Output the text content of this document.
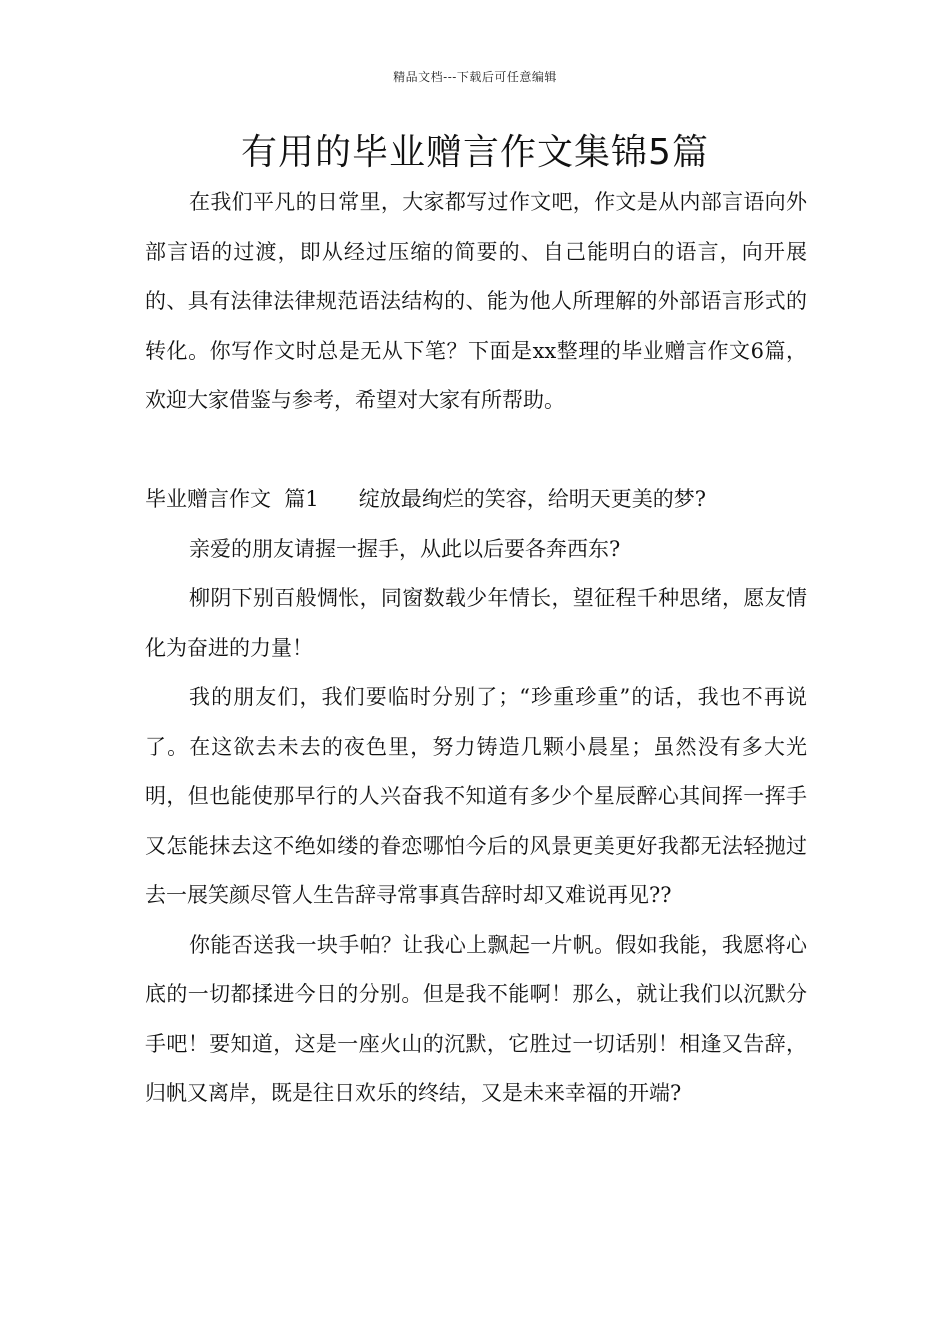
精品文档---下载后可任意编辑
有用的毕业赠言作文集锦5篇

在我们平凡的日常里，大家都写过作文吧，作文是从内部言语向外部言语的过渡，即从经过压缩的简要的、自己能明白的语言，向开展的、具有法律法律规范语法结构的、能为他人所理解的外部语言形式的转化。你写作文时总是无从下笔？下面是xx整理的毕业赠言作文6篇，欢迎大家借鉴与参考，希望对大家有所帮助。

毕业赠言作文  篇1      绽放最绚烂的笑容，给明天更美的梦?

亲爱的朋友请握一握手，从此以后要各奔西东?

柳阴下别百般惆怅，同窗数载少年情长，望征程千种思绪，愿友情化为奋进的力量！

我的朋友们，我们要临时分别了；“珍重珍重”的话，我也不再说了。在这欲去未去的夜色里，努力铸造几颗小晨星；虽然没有多大光明，但也能使那早行的人兴奋我不知道有多少个星辰醉心其间挥一挥手又怎能抹去这不绝如缕的眷恋哪怕今后的风景更美更好我都无法轻抛过去一展笑颜尽管人生告辞寻常事真告辞时却又难说再见??

你能否送我一块手帕？让我心上飘起一片帆。假如我能，我愿将心底的一切都揉进今日的分别。但是我不能啊！那么，就让我们以沉默分手吧！要知道，这是一座火山的沉默，它胜过一切话别！相逢又告辞，归帆又离岸，既是往日欢乐的终结，又是未来幸福的开端?
